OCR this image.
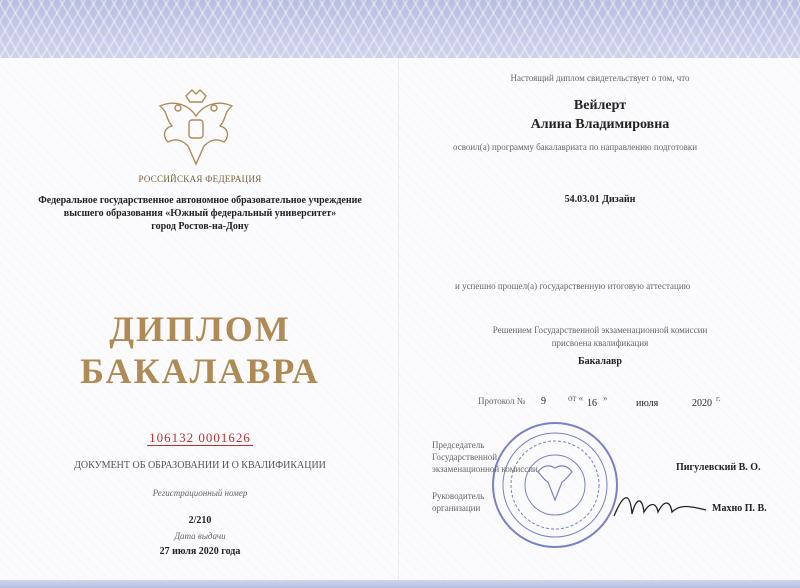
РОССИЙСКАЯ ФЕДЕРАЦИЯ
Федеральное государственное автономное образовательное учреждение
высшего образования «Южный федеральный университет»
город Ростов-на-Дону
ДИПЛОМ
БАКАЛАВРА
106132 0001626
ДОКУМЕНТ ОБ ОБРАЗОВАНИИ И О КВАЛИФИКАЦИИ
Регистрационный номер
2/210
Дата выдачи
27 июля 2020 года
Настоящий диплом свидетельствует о том, что
Вейлерт
Алина Владимировна
освоил(а) программу бакалавриата по направлению подготовки
54.03.01 Дизайн
и успешно прошел(а) государственную итоговую аттестацию
Решением Государственной экзаменационной комиссии
присвоена квалификация
Бакалавр
Протокол № 9 от « 16 »	июля	2020 г.
Председатель
Государственной
экзаменационной комиссии	Пигулевский В. О.
Руководитель
организации	Махно П. В.
